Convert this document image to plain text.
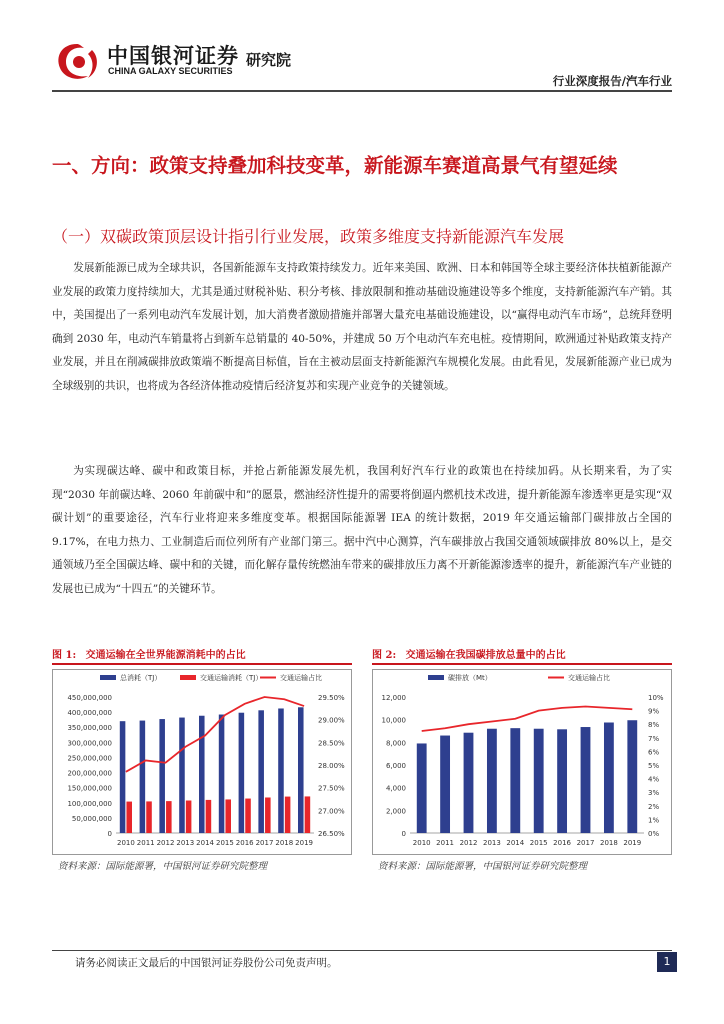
中国银河证券
CHINA GALAXY SECURITIES
研究院
行业深度报告/汽车行业
一、方向：政策支持叠加科技变革，新能源车赛道高景气有望延续
（一）双碳政策顶层设计指引行业发展，政策多维度支持新能源汽车发展
发展新能源已成为全球共识，各国新能源车支持政策持续发力。近年来美国、欧洲、日本和韩国等全球主要经济体扶植新能源产业发展的政策力度持续加大，尤其是通过财税补贴、积分考核、排放限制和推动基础设施建设等多个维度，支持新能源汽车产销。其中，美国提出了一系列电动汽车发展计划，加大消费者激励措施并部署大量充电基础设施建设，以“赢得电动汽车市场”，总统拜登明确到 2030 年，电动汽车销量将占到新车总销量的 40-50%，并建成 50 万个电动汽车充电桩。疫情期间，欧洲通过补贴政策支持产业发展，并且在削减碳排放政策端不断提高目标值，旨在主被动层面支持新能源汽车规模化发展。由此看见，发展新能源产业已成为全球级别的共识，也将成为各经济体推动疫情后经济复苏和实现产业竞争的关键领域。
为实现碳达峰、碳中和政策目标，并抢占新能源发展先机，我国利好汽车行业的政策也在持续加码。从长期来看，为了实现“2030 年前碳达峰、2060 年前碳中和”的愿景，燃油经济性提升的需要将倒逼内燃机技术改进，提升新能源车渗透率更是实现“双碳计划”的重要途径，汽车行业将迎来多维度变革。根据国际能源署 IEA 的统计数据，2019 年交通运输部门碳排放占全国的 9.17%，在电力热力、工业制造后而位列所有产业部门第三。据中汽中心测算，汽车碳排放占我国交通领域碳排放 80%以上，是交通领域乃至全国碳达峰、碳中和的关键，而化解存量传统燃油车带来的碳排放压力离不开新能源渗透率的提升，新能源汽车产业链的发展也已成为“十四五”的关键环节。
图 1: 交通运输在全世界能源消耗中的占比
0
50,000,000
100,000,000
150,000,000
200,000,000
250,000,000
300,000,000
350,000,000
400,000,000
450,000,000
26.50%
27.00%
27.50%
28.00%
28.50%
29.00%
29.50%
2010 2011 2012 2013 2014 2015 2016 2017 2018 2019
总消耗（TJ）	交通运输消耗（TJ）	交通运输占比
资料来源：国际能源署，中国银河证券研究院整理
图 2: 交通运输在我国碳排放总量中的占比
0
2,000
4,000
6,000
8,000
10,000
12,000
0%
1%
2%
3%
4%
5%
6%
7%
8%
9%
10%
2010 2011 2012 2013 2014 2015 2016 2017 2018 2019
碳排放（Mt）	交通运输占比
资料来源：国际能源署，中国银河证券研究院整理
请务必阅读正文最后的中国银河证券股份公司免责声明。	1
